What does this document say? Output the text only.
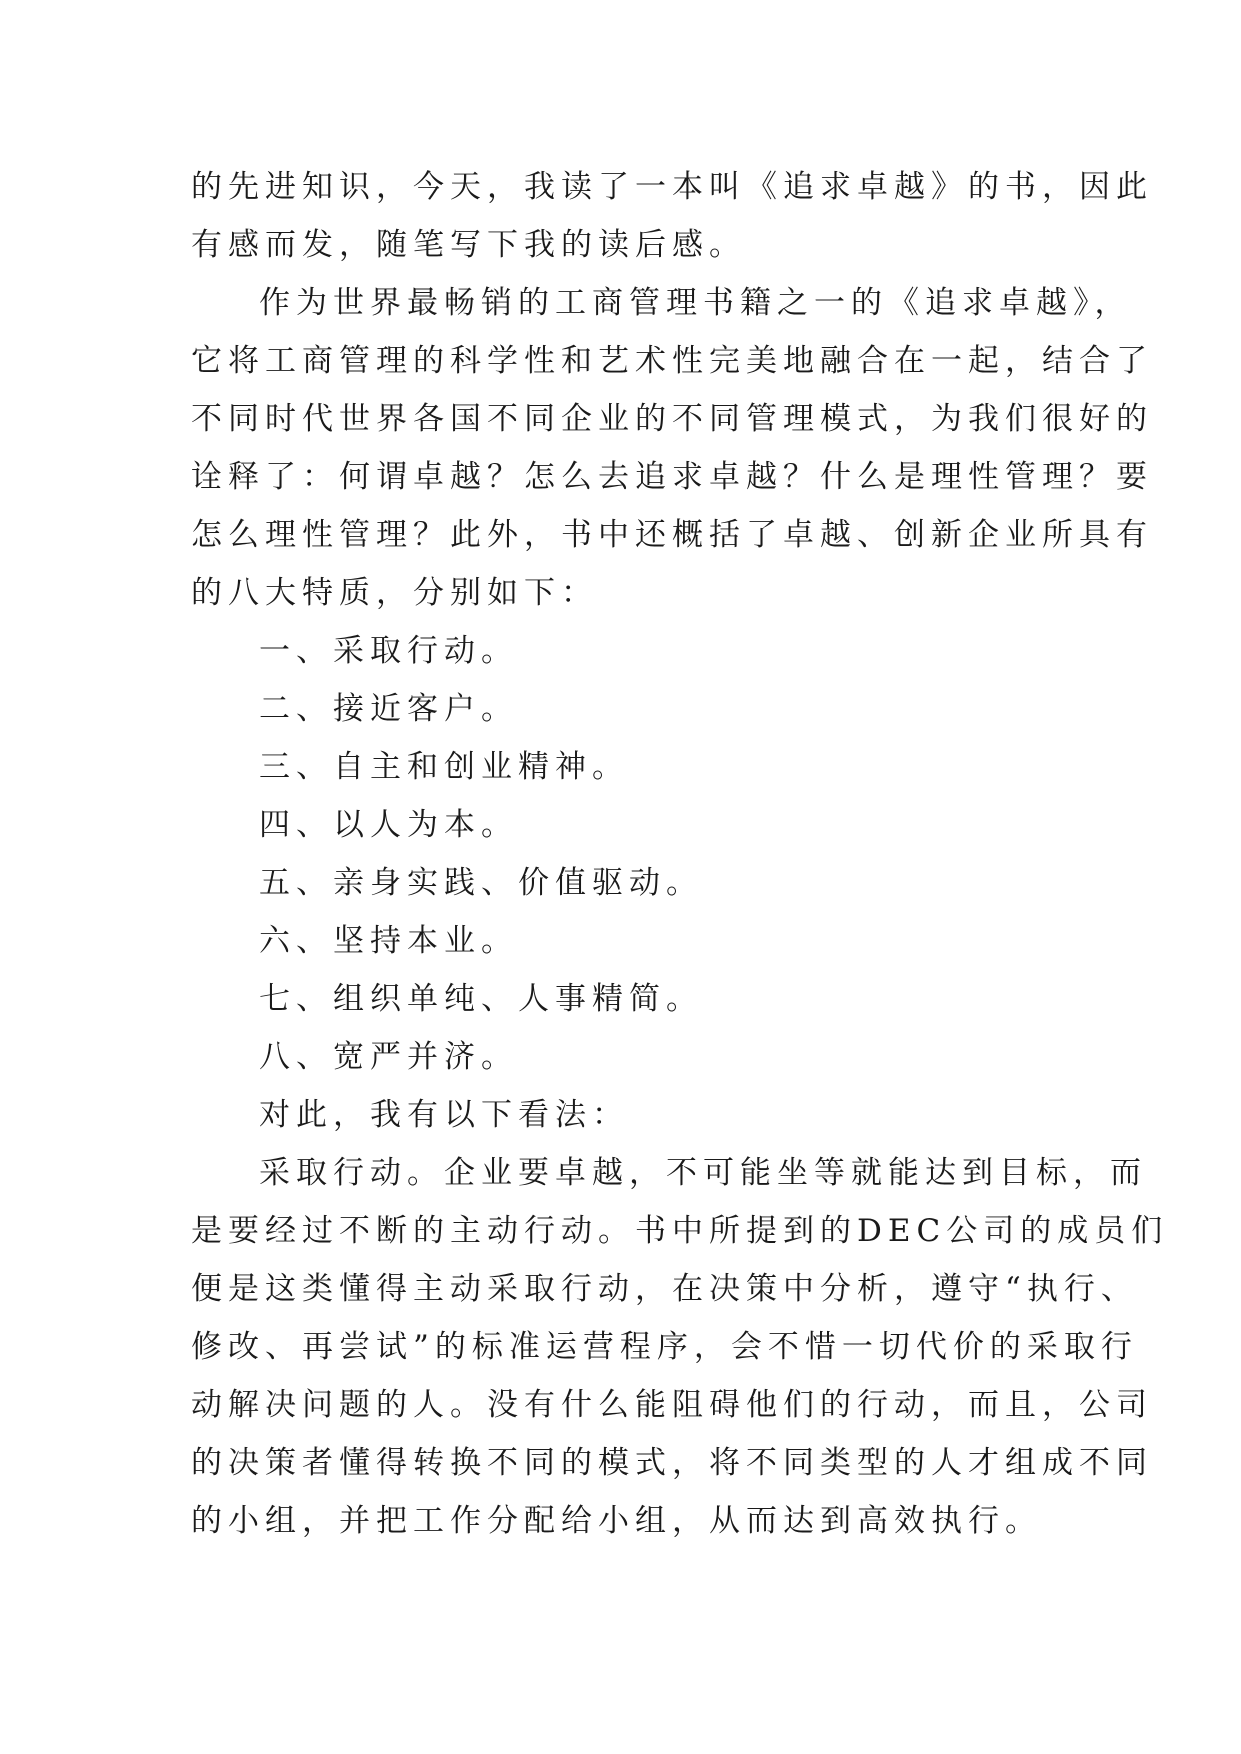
的先进知识，今天，我读了一本叫《追求卓越》的书，因此
有感而发，随笔写下我的读后感。
作为世界最畅销的工商管理书籍之一的《追求卓越》，
它将工商管理的科学性和艺术性完美地融合在一起，结合了
不同时代世界各国不同企业的不同管理模式，为我们很好的
诠释了：何谓卓越？怎么去追求卓越？什么是理性管理？要
怎么理性管理？此外，书中还概括了卓越、创新企业所具有
的八大特质，分别如下：
一、采取行动。
二、接近客户。
三、自主和创业精神。
四、以人为本。
五、亲身实践、价值驱动。
六、坚持本业。
七、组织单纯、人事精简。
八、宽严并济。
对此，我有以下看法：
采取行动。企业要卓越，不可能坐等就能达到目标，而
是要经过不断的主动行动。书中所提到的DEC公司的成员们
便是这类懂得主动采取行动，在决策中分析，遵守“执行、
修改、再尝试”的标准运营程序，会不惜一切代价的采取行
动解决问题的人。没有什么能阻碍他们的行动，而且，公司
的决策者懂得转换不同的模式，将不同类型的人才组成不同
的小组，并把工作分配给小组，从而达到高效执行。
